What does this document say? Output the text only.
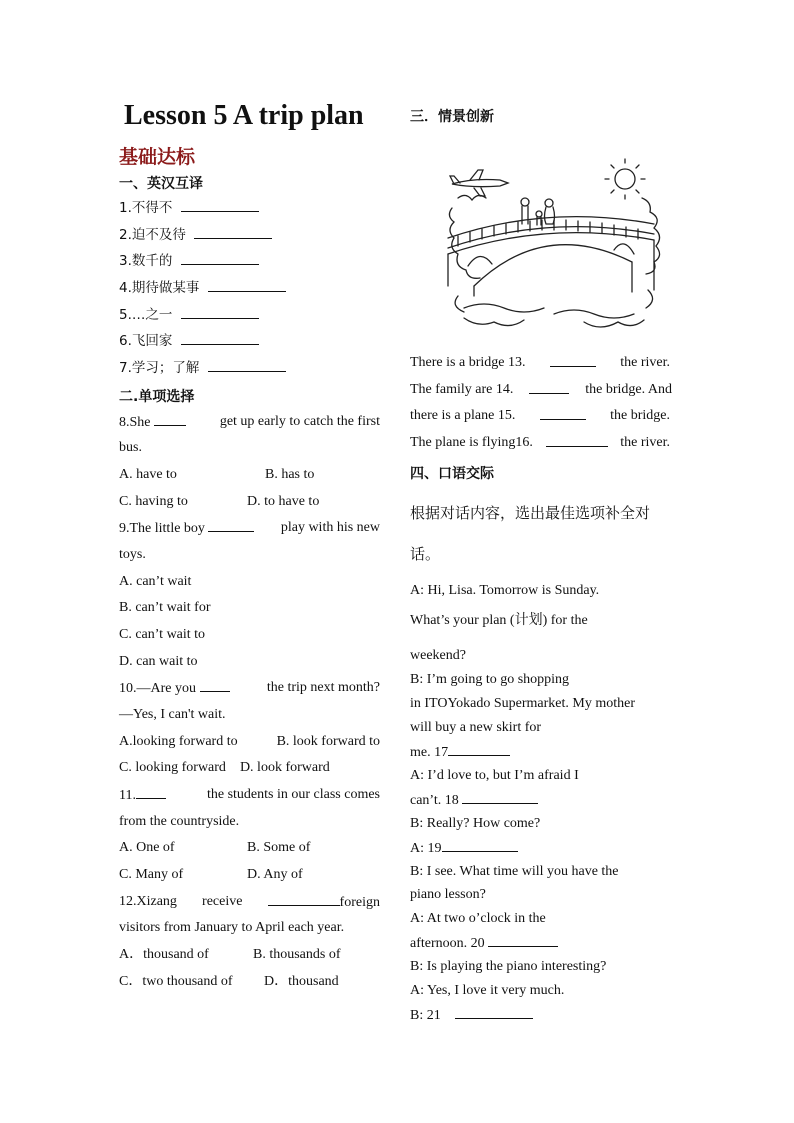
Lesson 5 A trip plan
基础达标
一、英汉互译
1.不得不
2.迫不及待
3.数千的
4.期待做某事
5.…之一
6.飞回家
7.学习；了解
二.单项选择
8.She	get up early to catch the first
bus.
A. have to	B. has to
C. having to	D. to have to
9.The little boy	play with his new
toys.
A. can’t wait
B. can’t wait for
C. can’t wait to
D. can wait to
10.—Are you	the trip next month?
—Yes, I can't wait.
A.looking forward to	B. look forward to
C. looking forward D. look forward
11.	the students in our class comes
from the countryside.
A. One of	B. Some of
C. Many of	D. Any of
12.Xizang receive	foreign
visitors from January to April each year.
A．thousand of	B. thousands of
C．two thousand of D．thousand
三．情景创新
There is a bridge 13.	the river.
The family are 14.	the bridge. And
there is a plane 15.	the bridge.
The plane is flying16.	the river.
四、口语交际
根据对话内容，选出最佳选项补全对
话。
A: Hi, Lisa. Tomorrow is Sunday.
What’s your plan (计划) for the
weekend?
B: I’m going to go shopping
in ITOYokado Supermarket. My mother
will buy a new skirt for
me. 17
A: I’d love to, but I’m afraid I
can’t. 18
B: Really? How come?
A: 19
B: I see. What time will you have the
piano lesson?
A: At two o’clock in the
afternoon. 20
B: Is playing the piano interesting?
A: Yes, I love it very much.
B: 21
